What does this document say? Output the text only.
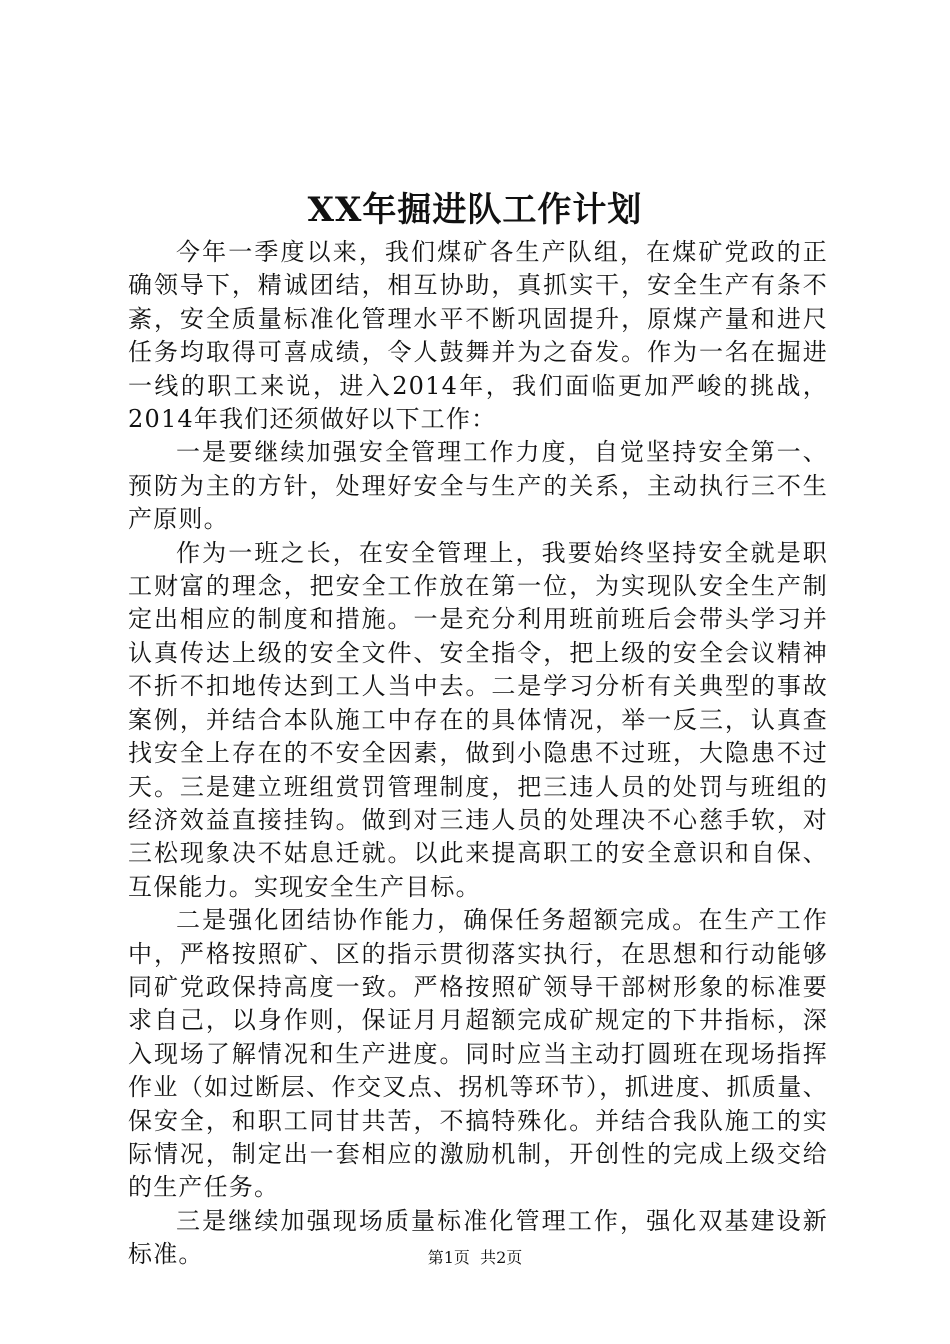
XX年掘进队工作计划

今年一季度以来，我们煤矿各生产队组，在煤矿党政的正确领导下，精诚团结，相互协助，真抓实干，安全生产有条不紊，安全质量标准化管理水平不断巩固提升，原煤产量和进尺任务均取得可喜成绩，令人鼓舞并为之奋发。作为一名在掘进一线的职工来说，进入2014年，我们面临更加严峻的挑战，2014年我们还须做好以下工作：

一是要继续加强安全管理工作力度，自觉坚持安全第一、预防为主的方针，处理好安全与生产的关系，主动执行三不生产原则。

作为一班之长，在安全管理上，我要始终坚持安全就是职工财富的理念，把安全工作放在第一位，为实现队安全生产制定出相应的制度和措施。一是充分利用班前班后会带头学习并认真传达上级的安全文件、安全指令，把上级的安全会议精神不折不扣地传达到工人当中去。二是学习分析有关典型的事故案例，并结合本队施工中存在的具体情况，举一反三，认真查找安全上存在的不安全因素，做到小隐患不过班，大隐患不过天。三是建立班组赏罚管理制度，把三违人员的处罚与班组的经济效益直接挂钩。做到对三违人员的处理决不心慈手软，对三松现象决不姑息迁就。以此来提高职工的安全意识和自保、互保能力。实现安全生产目标。

二是强化团结协作能力，确保任务超额完成。在生产工作中，严格按照矿、区的指示贯彻落实执行，在思想和行动能够同矿党政保持高度一致。严格按照矿领导干部树形象的标准要求自己，以身作则，保证月月超额完成矿规定的下井指标，深入现场了解情况和生产进度。同时应当主动打圆班在现场指挥作业（如过断层、作交叉点、拐机等环节），抓进度、抓质量、保安全，和职工同甘共苦，不搞特殊化。并结合我队施工的实际情况，制定出一套相应的激励机制，开创性的完成上级交给的生产任务。

三是继续加强现场质量标准化管理工作，强化双基建设新标准。	第1页 共2页
